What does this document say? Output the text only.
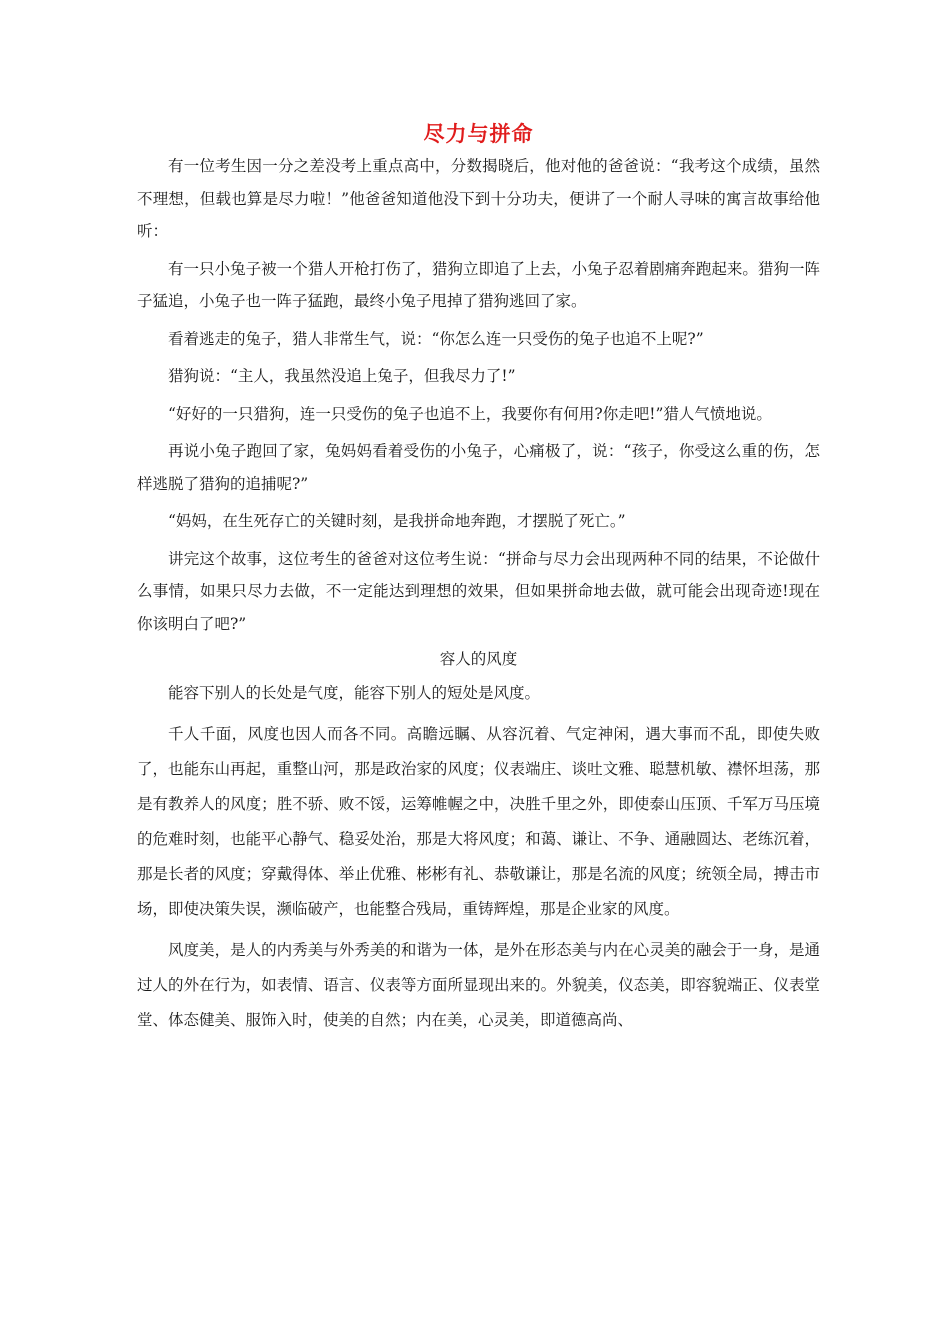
尽力与拼命

有一位考生因一分之差没考上重点高中，分数揭晓后，他对他的爸爸说：“我考这个成绩，虽然不理想，但载也算是尽力啦！”他爸爸知道他没下到十分功夫，便讲了一个耐人寻味的寓言故事给他听：

有一只小兔子被一个猎人开枪打伤了，猎狗立即追了上去，小兔子忍着剧痛奔跑起来。猎狗一阵子猛追，小兔子也一阵子猛跑，最终小兔子甩掉了猎狗逃回了家。

看着逃走的兔子，猎人非常生气，说：“你怎么连一只受伤的兔子也追不上呢?”

猎狗说：“主人，我虽然没追上兔子，但我尽力了!”

“好好的一只猎狗，连一只受伤的兔子也追不上，我要你有何用?你走吧!”猎人气愤地说。

再说小兔子跑回了家，兔妈妈看着受伤的小兔子，心痛极了，说：“孩子，你受这么重的伤，怎样逃脱了猎狗的追捕呢?”

“妈妈，在生死存亡的关键时刻，是我拼命地奔跑，才摆脱了死亡。”

讲完这个故事，这位考生的爸爸对这位考生说：“拼命与尽力会出现两种不同的结果，不论做什么事情，如果只尽力去做，不一定能达到理想的效果，但如果拼命地去做，就可能会出现奇迹!现在你该明白了吧?”

容人的风度

能容下别人的长处是气度，能容下别人的短处是风度。

千人千面，风度也因人而各不同。高瞻远瞩、从容沉着、气定神闲，遇大事而不乱，即使失败了，也能东山再起，重整山河，那是政治家的风度；仪表端庄、谈吐文雅、聪慧机敏、襟怀坦荡，那是有教养人的风度；胜不骄、败不馁，运筹帷幄之中，决胜千里之外，即使泰山压顶、千军万马压境的危难时刻，也能平心静气、稳妥处治，那是大将风度；和蔼、谦让、不争、通融圆达、老练沉着，那是长者的风度；穿戴得体、举止优雅、彬彬有礼、恭敬谦让，那是名流的风度；统领全局，搏击市场，即使决策失误，濒临破产，也能整合残局，重铸辉煌，那是企业家的风度。

风度美，是人的内秀美与外秀美的和谐为一体，是外在形态美与内在心灵美的融会于一身，是通过人的外在行为，如表情、语言、仪表等方面所显现出来的。外貌美，仪态美，即容貌端正、仪表堂堂、体态健美、服饰入时，使美的自然；内在美，心灵美，即道德高尚、
